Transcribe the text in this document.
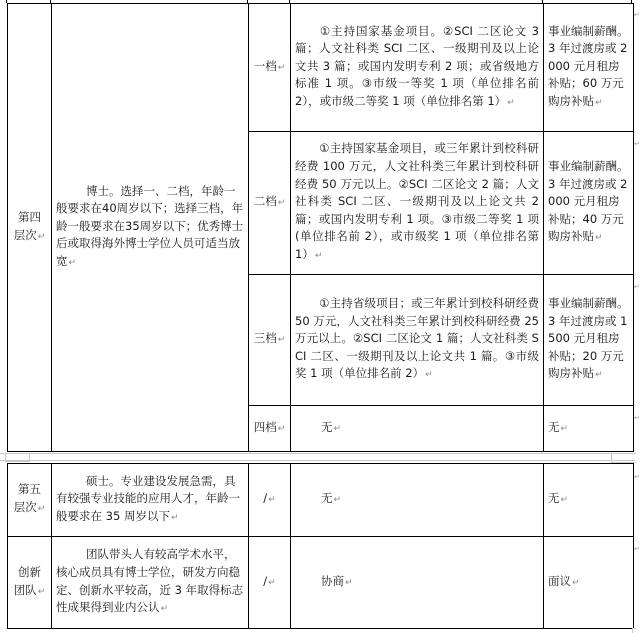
第四
层次↵	博士。选择一、二档，年龄一般要求在40周岁以下；选择三档，年龄一般要求在35周岁以下；优秀博士后或取得海外博士学位人员可适当放宽↵	一档↵	①主持国家基金项目。②SCI 二区论文 3 篇；人文社科类 SCI 二区、一级期刊及以上论文共 3 篇；或国内发明专利 2 项；或省级地方标准 1 项。③市级一等奖 1 项（单位排名前 2），或市级二等奖 1 项（单位排名第 1）↵	事业编制薪酬。 3 年过渡房或 2000 元月租房补贴；60 万元购房补贴↵
		二档↵	①主持国家基金项目，或三年累计到校科研经费 100 万元，人文社科类三年累计到校科研经费 50 万元以上。②SCI 二区论文 2 篇；人文社科类 SCI 二区、一级期刊及以上论文共 2 篇；或国内发明专利 1 项。③市级二等奖 1 项(单位排名前 2），或市级奖 1 项（单位排名第 1）↵	事业编制薪酬。 3 年过渡房或 2000 元月租房补贴；40 万元购房补贴↵
		三档↵	①主持省级项目；或三年累计到校科研经费 50 万元，人文社科类三年累计到校科研经费 25 万元以上。②SCI 二区论文 1 篇；人文社科类 SCI 二区、一级期刊及以上论文共 1 篇。③市级奖 1 项（单位排名前 2）↵	事业编制薪酬。 3 年过渡房或 1500 元月租房补贴；20 万元购房补贴↵
		四档↵	无↵	无↵
第五
层次↵	硕士。专业建设发展急需，具有较强专业技能的应用人才，年龄一般要求在 35 周岁以下↵	/↵	无↵	无↵
创新
团队↵	团队带头人有较高学术水平，核心成员具有博士学位，研发方向稳定、创新水平较高，近 3 年取得标志性成果得到业内公认↵	/↵	协商↵	面议↵
↵
↵
↵
↵
↵
↵
